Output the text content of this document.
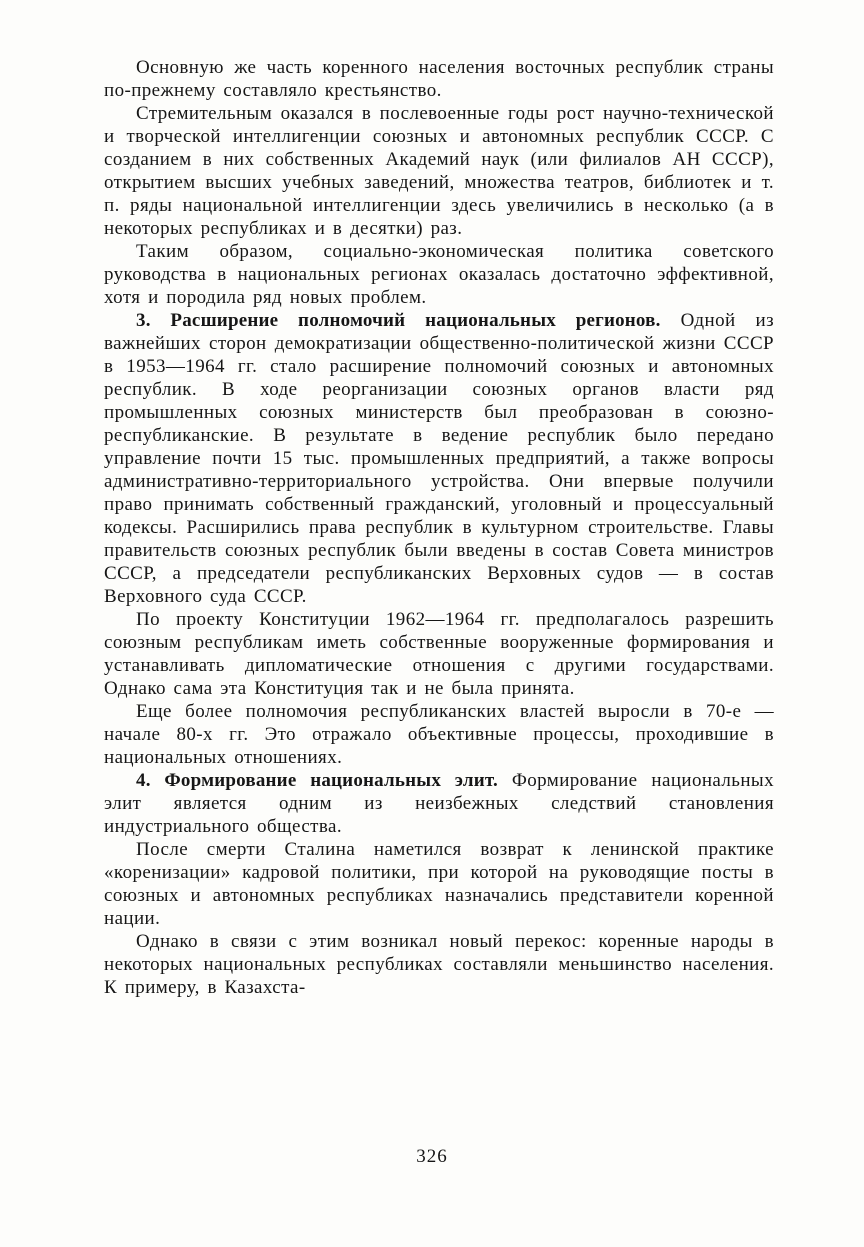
Основную же часть коренного населения восточных республик страны по-прежнему составляло крестьянство.

Стремительным оказался в послевоенные годы рост научно-технической и творческой интеллигенции союзных и автономных республик СССР. С созданием в них собственных Академий наук (или филиалов АН СССР), открытием высших учебных заведений, множества театров, библиотек и т. п. ряды национальной интеллигенции здесь увеличились в несколько (а в некоторых республиках и в десятки) раз.

Таким образом, социально-экономическая политика советского руководства в национальных регионах оказалась достаточно эффективной, хотя и породила ряд новых проблем.

3. Расширение полномочий национальных регионов. Одной из важнейших сторон демократизации общественно-политической жизни СССР в 1953—1964 гг. стало расширение полномочий союзных и автономных республик. В ходе реорганизации союзных органов власти ряд промышленных союзных министерств был преобразован в союзно-республиканские. В результате в ведение республик было передано управление почти 15 тыс. промышленных предприятий, а также вопросы административно-территориального устройства. Они впервые получили право принимать собственный гражданский, уголовный и процессуальный кодексы. Расширились права республик в культурном строительстве. Главы правительств союзных республик были введены в состав Совета министров СССР, а председатели республиканских Верховных судов — в состав Верховного суда СССР.

По проекту Конституции 1962—1964 гг. предполагалось разрешить союзным республикам иметь собственные вооруженные формирования и устанавливать дипломатические отношения с другими государствами. Однако сама эта Конституция так и не была принята.

Еще более полномочия республиканских властей выросли в 70-е — начале 80-х гг. Это отражало объективные процессы, проходившие в национальных отношениях.

4. Формирование национальных элит. Формирование национальных элит является одним из неизбежных следствий становления индустриального общества.

После смерти Сталина наметился возврат к ленинской практике «коренизации» кадровой политики, при которой на руководящие посты в союзных и автономных республиках назначались представители коренной нации.

Однако в связи с этим возникал новый перекос: коренные народы в некоторых национальных республиках составляли меньшинство населения. К примеру, в Казахста-

326
